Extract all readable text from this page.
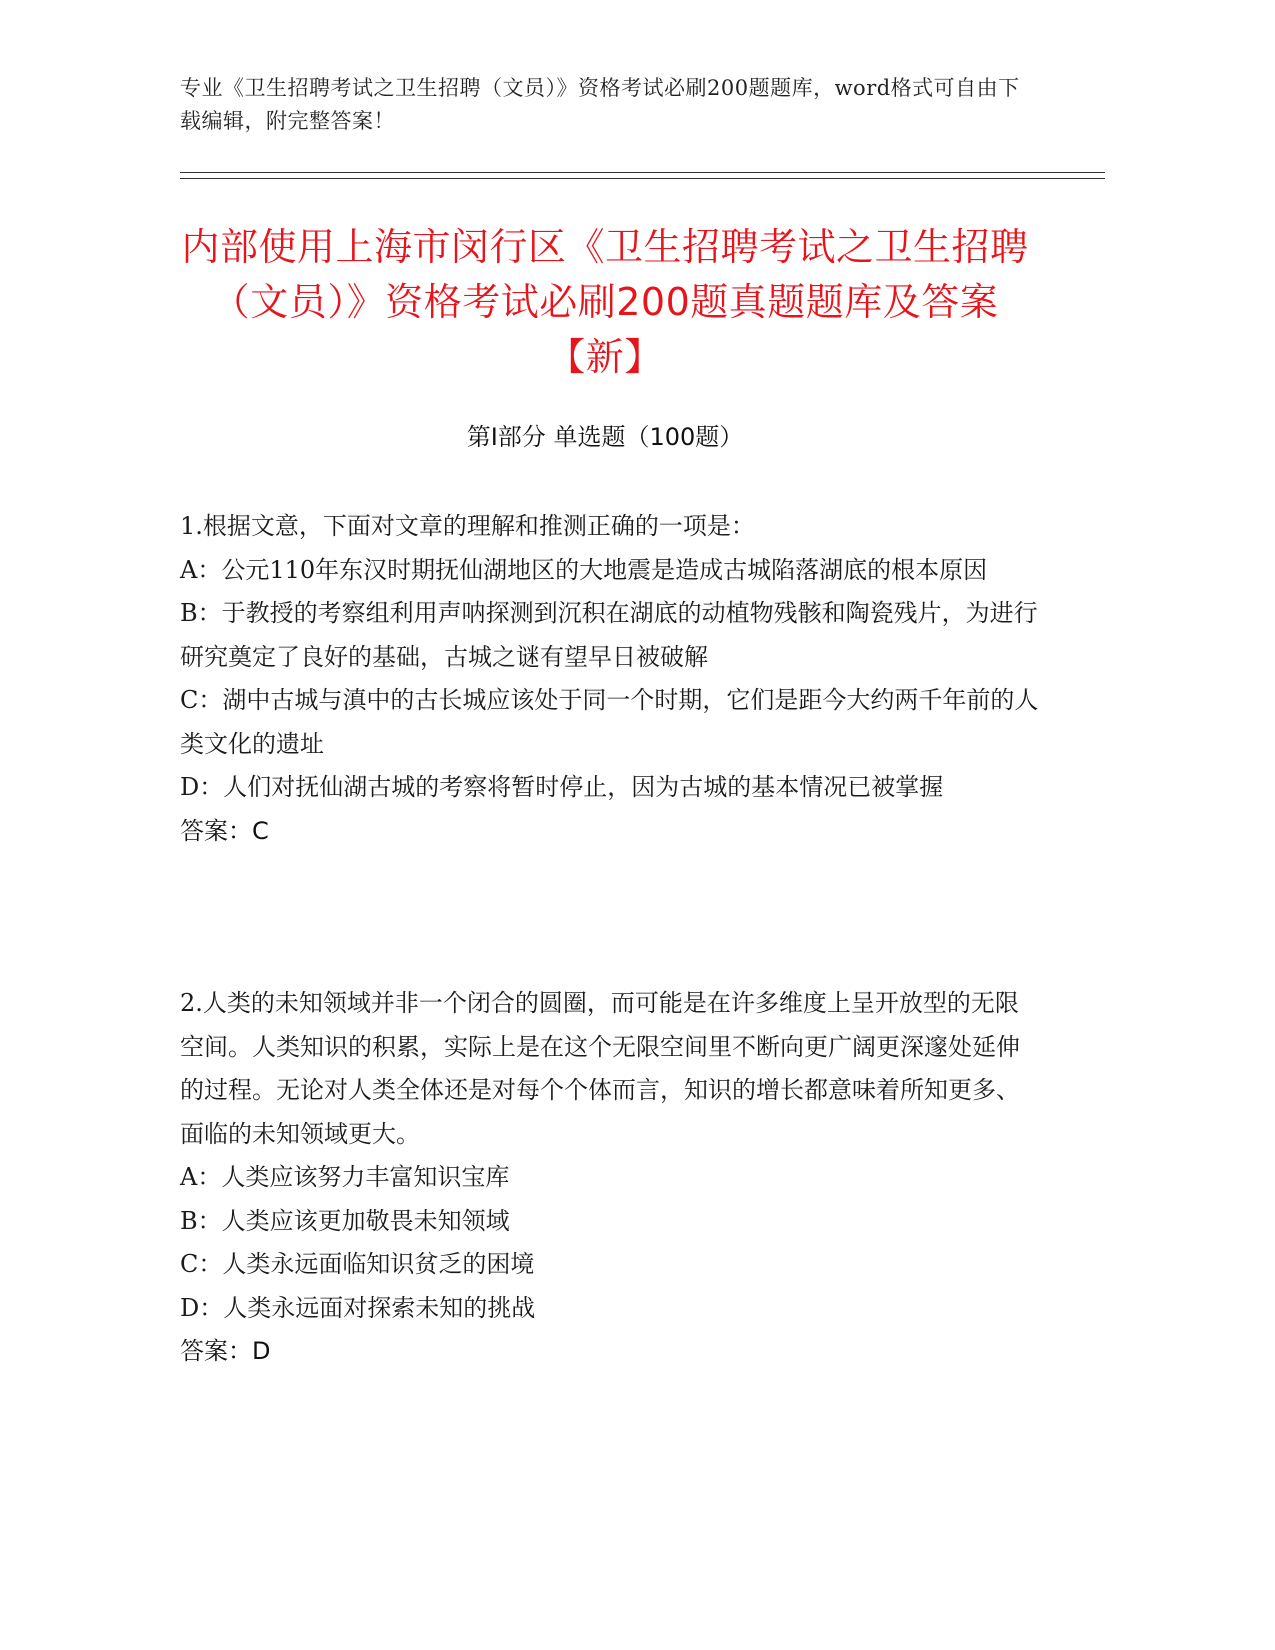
专业《卫生招聘考试之卫生招聘（文员）》资格考试必刷200题题库，word格式可自由下载编辑，附完整答案！
内部使用上海市闵行区《卫生招聘考试之卫生招聘（文员）》资格考试必刷200题真题题库及答案【新】
第Ⅰ部分 单选题（100题）

1.根据文意，下面对文章的理解和推测正确的一项是：

A：公元110年东汉时期抚仙湖地区的大地震是造成古城陷落湖底的根本原因

B：于教授的考察组利用声呐探测到沉积在湖底的动植物残骸和陶瓷残片，为进行研究奠定了良好的基础，古城之谜有望早日被破解

C：湖中古城与滇中的古长城应该处于同一个时期，它们是距今大约两千年前的人类文化的遗址

D：人们对抚仙湖古城的考察将暂时停止，因为古城的基本情况已被掌握

答案：C

2.人类的未知领域并非一个闭合的圆圈，而可能是在许多维度上呈开放型的无限空间。人类知识的积累，实际上是在这个无限空间里不断向更广阔更深邃处延伸的过程。无论对人类全体还是对每个个体而言，知识的增长都意味着所知更多、面临的未知领域更大。

A：人类应该努力丰富知识宝库

B：人类应该更加敬畏未知领域

C：人类永远面临知识贫乏的困境

D：人类永远面对探索未知的挑战

答案：D
